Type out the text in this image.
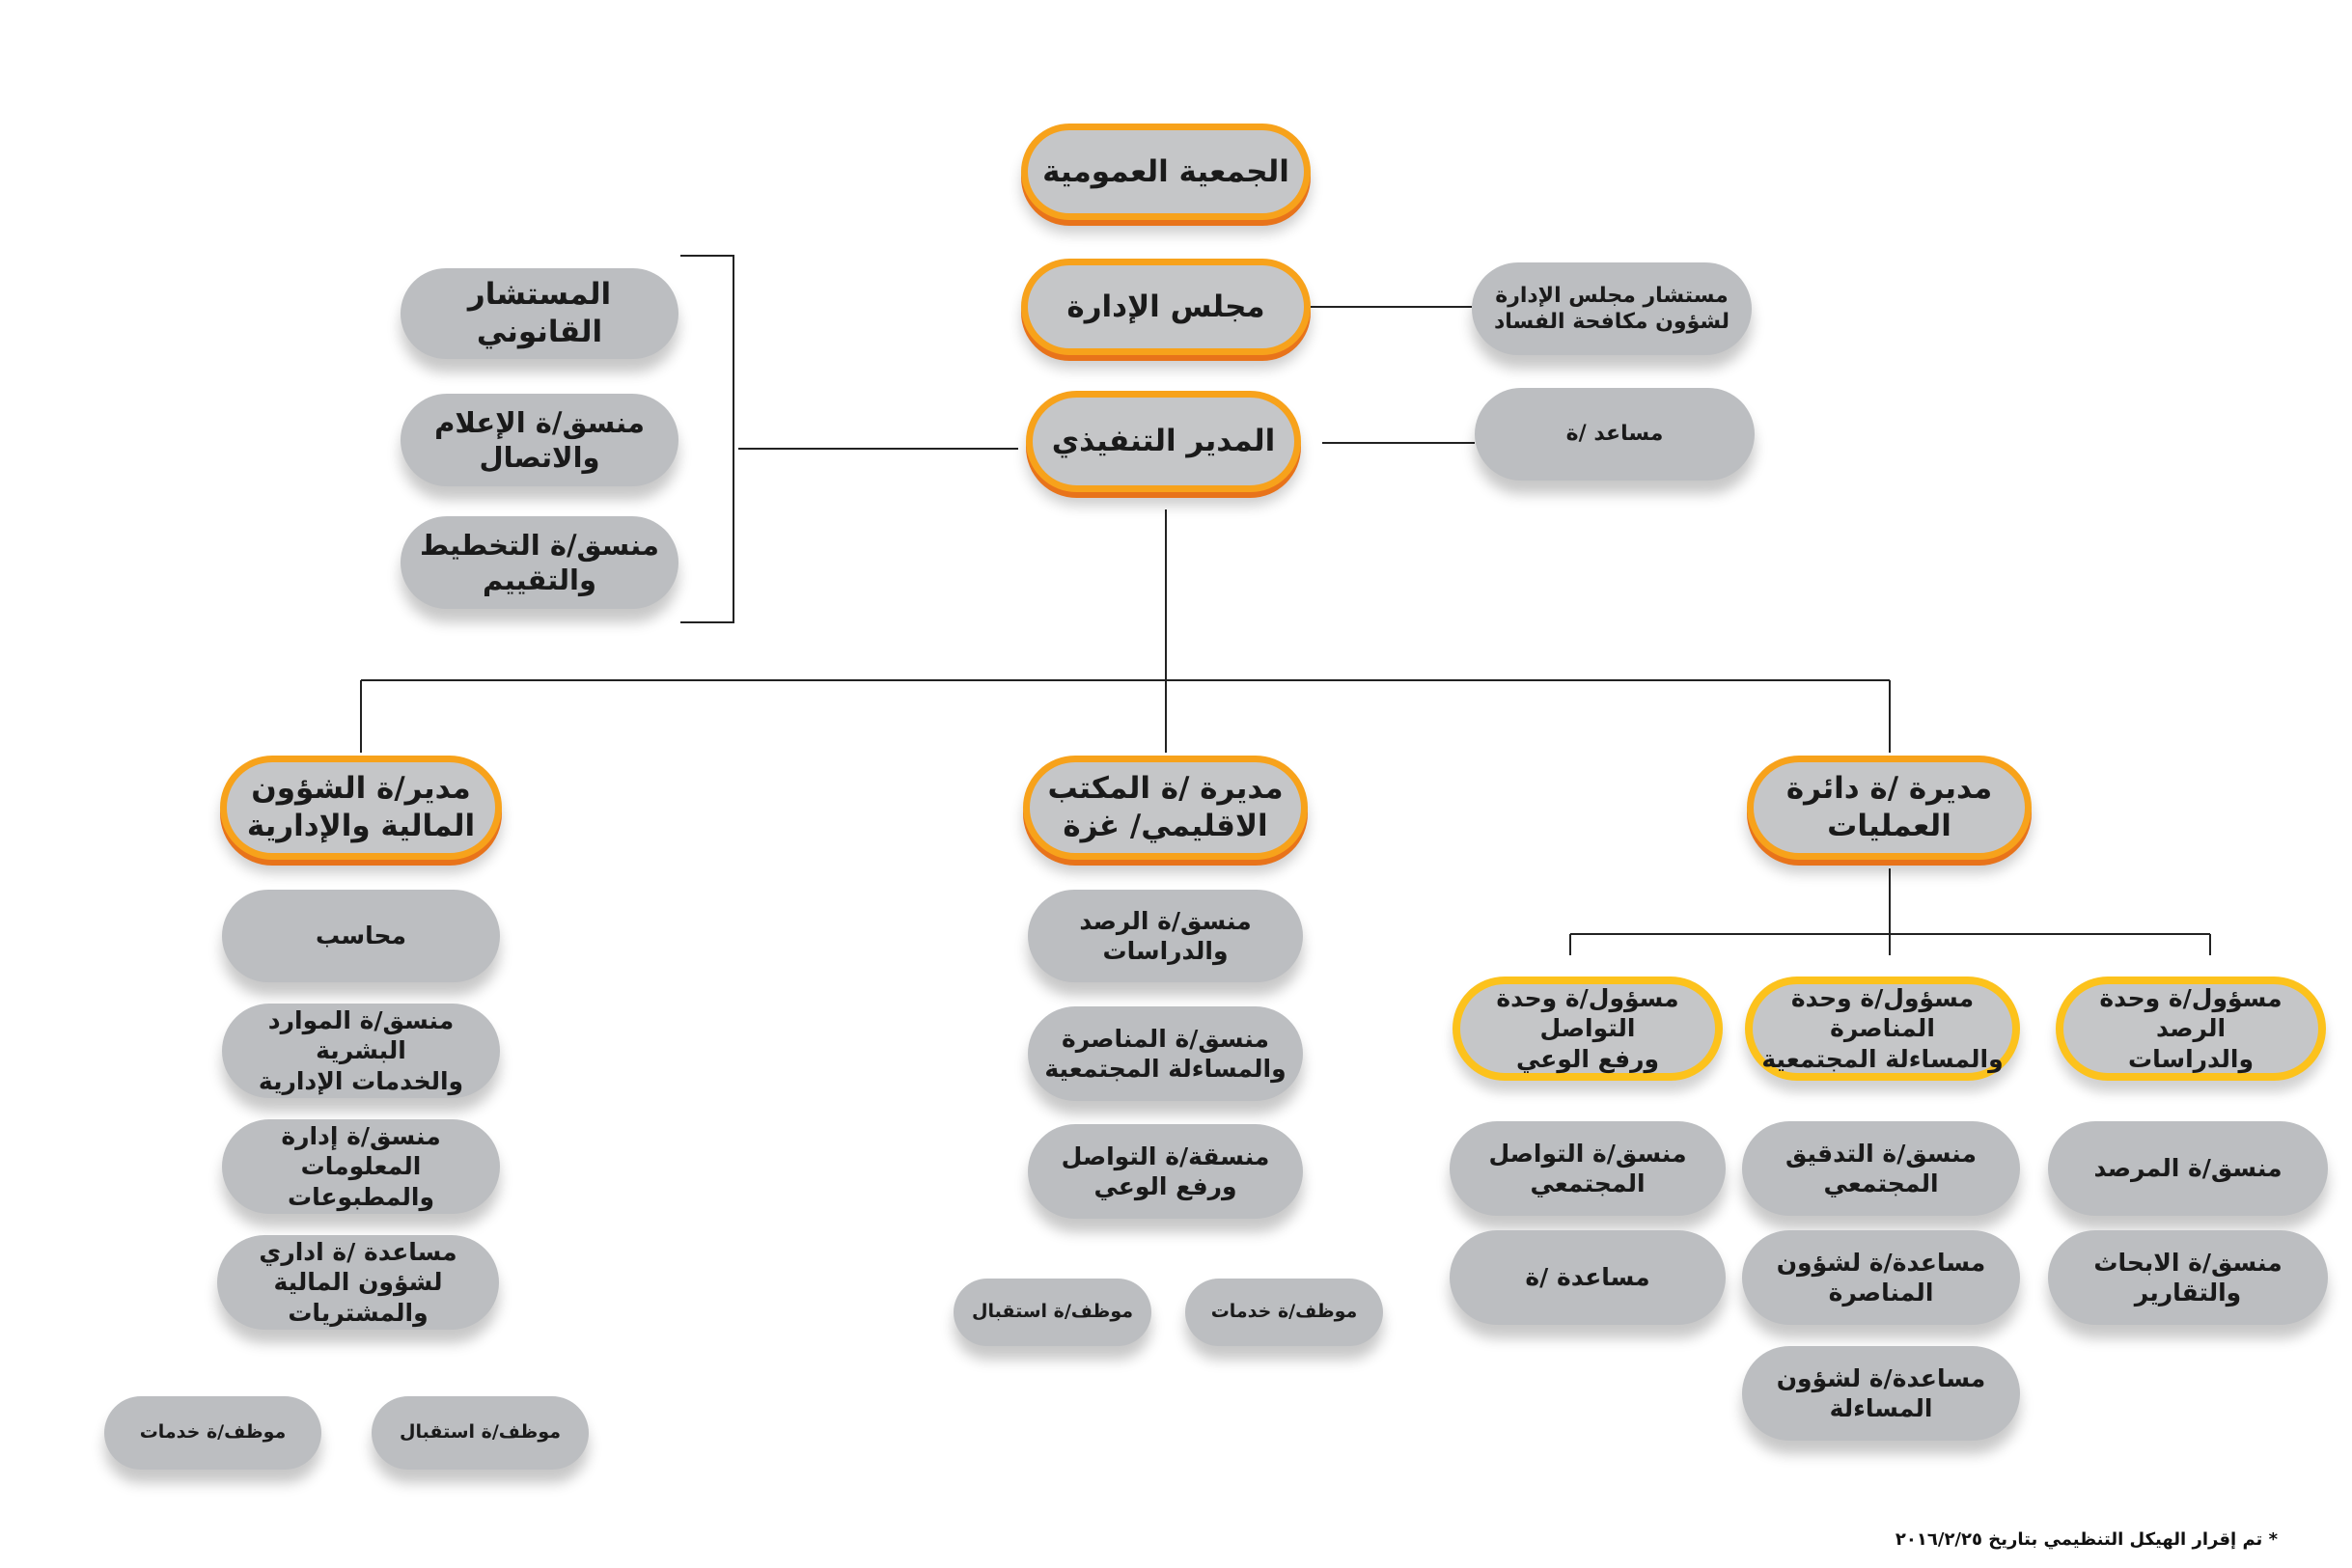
الجمعية العمومية
مجلس الإدارة
المدير التنفيذي
مستشار مجلس الإدارة
لشؤون مكافحة الفساد
مساعد /ة
المستشار القانوني
منسق/ة الإعلام
والاتصال
منسق/ة التخطيط
والتقييم
مدير/ة الشؤون
المالية والإدارية
محاسب
منسق/ة الموارد البشرية
والخدمات الإدارية
منسق/ة إدارة المعلومات
والمطبوعات
مساعدة /ة اداري
لشؤون المالية والمشتريات
موظف/ة استقبال
موظف/ة خدمات
مديرة /ة المكتب
الاقليمي/ غزة
منسق/ة الرصد والدراسات
منسق/ة المناصرة
والمساءلة المجتمعية
منسقة/ة التواصل
ورفع الوعي
موظف/ة خدمات
موظف/ة استقبال
مديرة /ة دائرة
العمليات
مسؤول/ة وحدة الرصد
والدراسات
منسق/ة المرصد
منسق/ة الابحاث
والتقارير
مسؤول/ة وحدة المناصرة
والمساءلة المجتمعية
منسق/ة التدقيق المجتمعي
مساعدة/ة لشؤون المناصرة
مساعدة/ة لشؤون المساءلة
مسؤول/ة وحدة التواصل
ورفع الوعي
منسق/ة التواصل
المجتمعي
مساعدة /ة
* تم إقرار الهيكل التنظيمي بتاريخ ٢٠١٦/٢/٢٥
